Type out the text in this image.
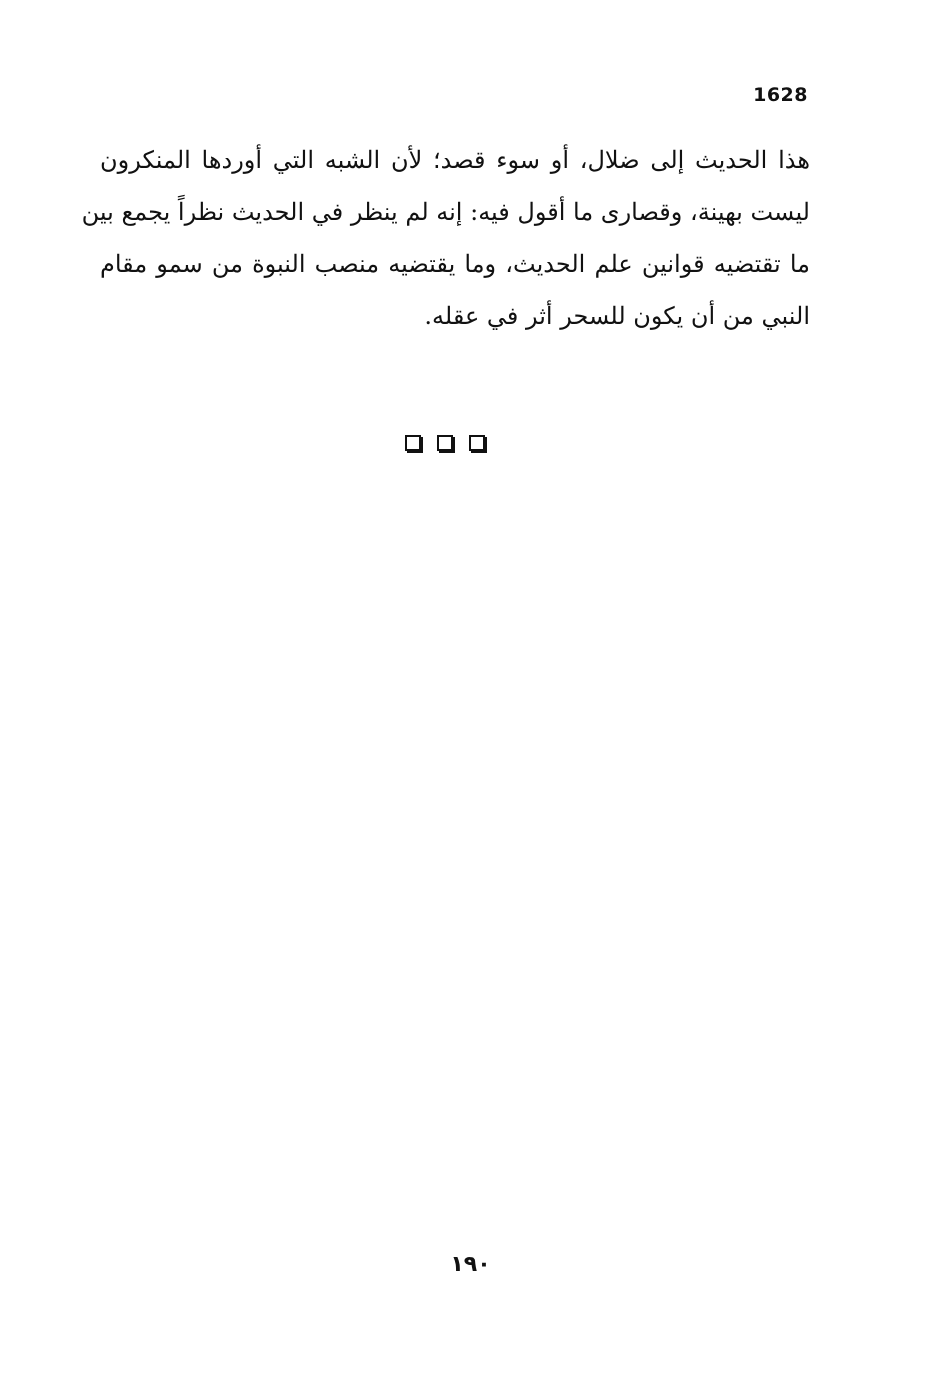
1628
هذا الحديث إلى ضلال، أو سوء قصد؛ لأن الشبه التي أوردها المنكرون
ليست بهينة، وقصارى ما أقول فيه: إنه لم ينظر في الحديث نظراً يجمع بين
ما تقتضيه قوانين علم الحديث، وما يقتضيه منصب النبوة من سمو مقام
النبي من أن يكون للسحر أثر في عقله.
١٩٠
